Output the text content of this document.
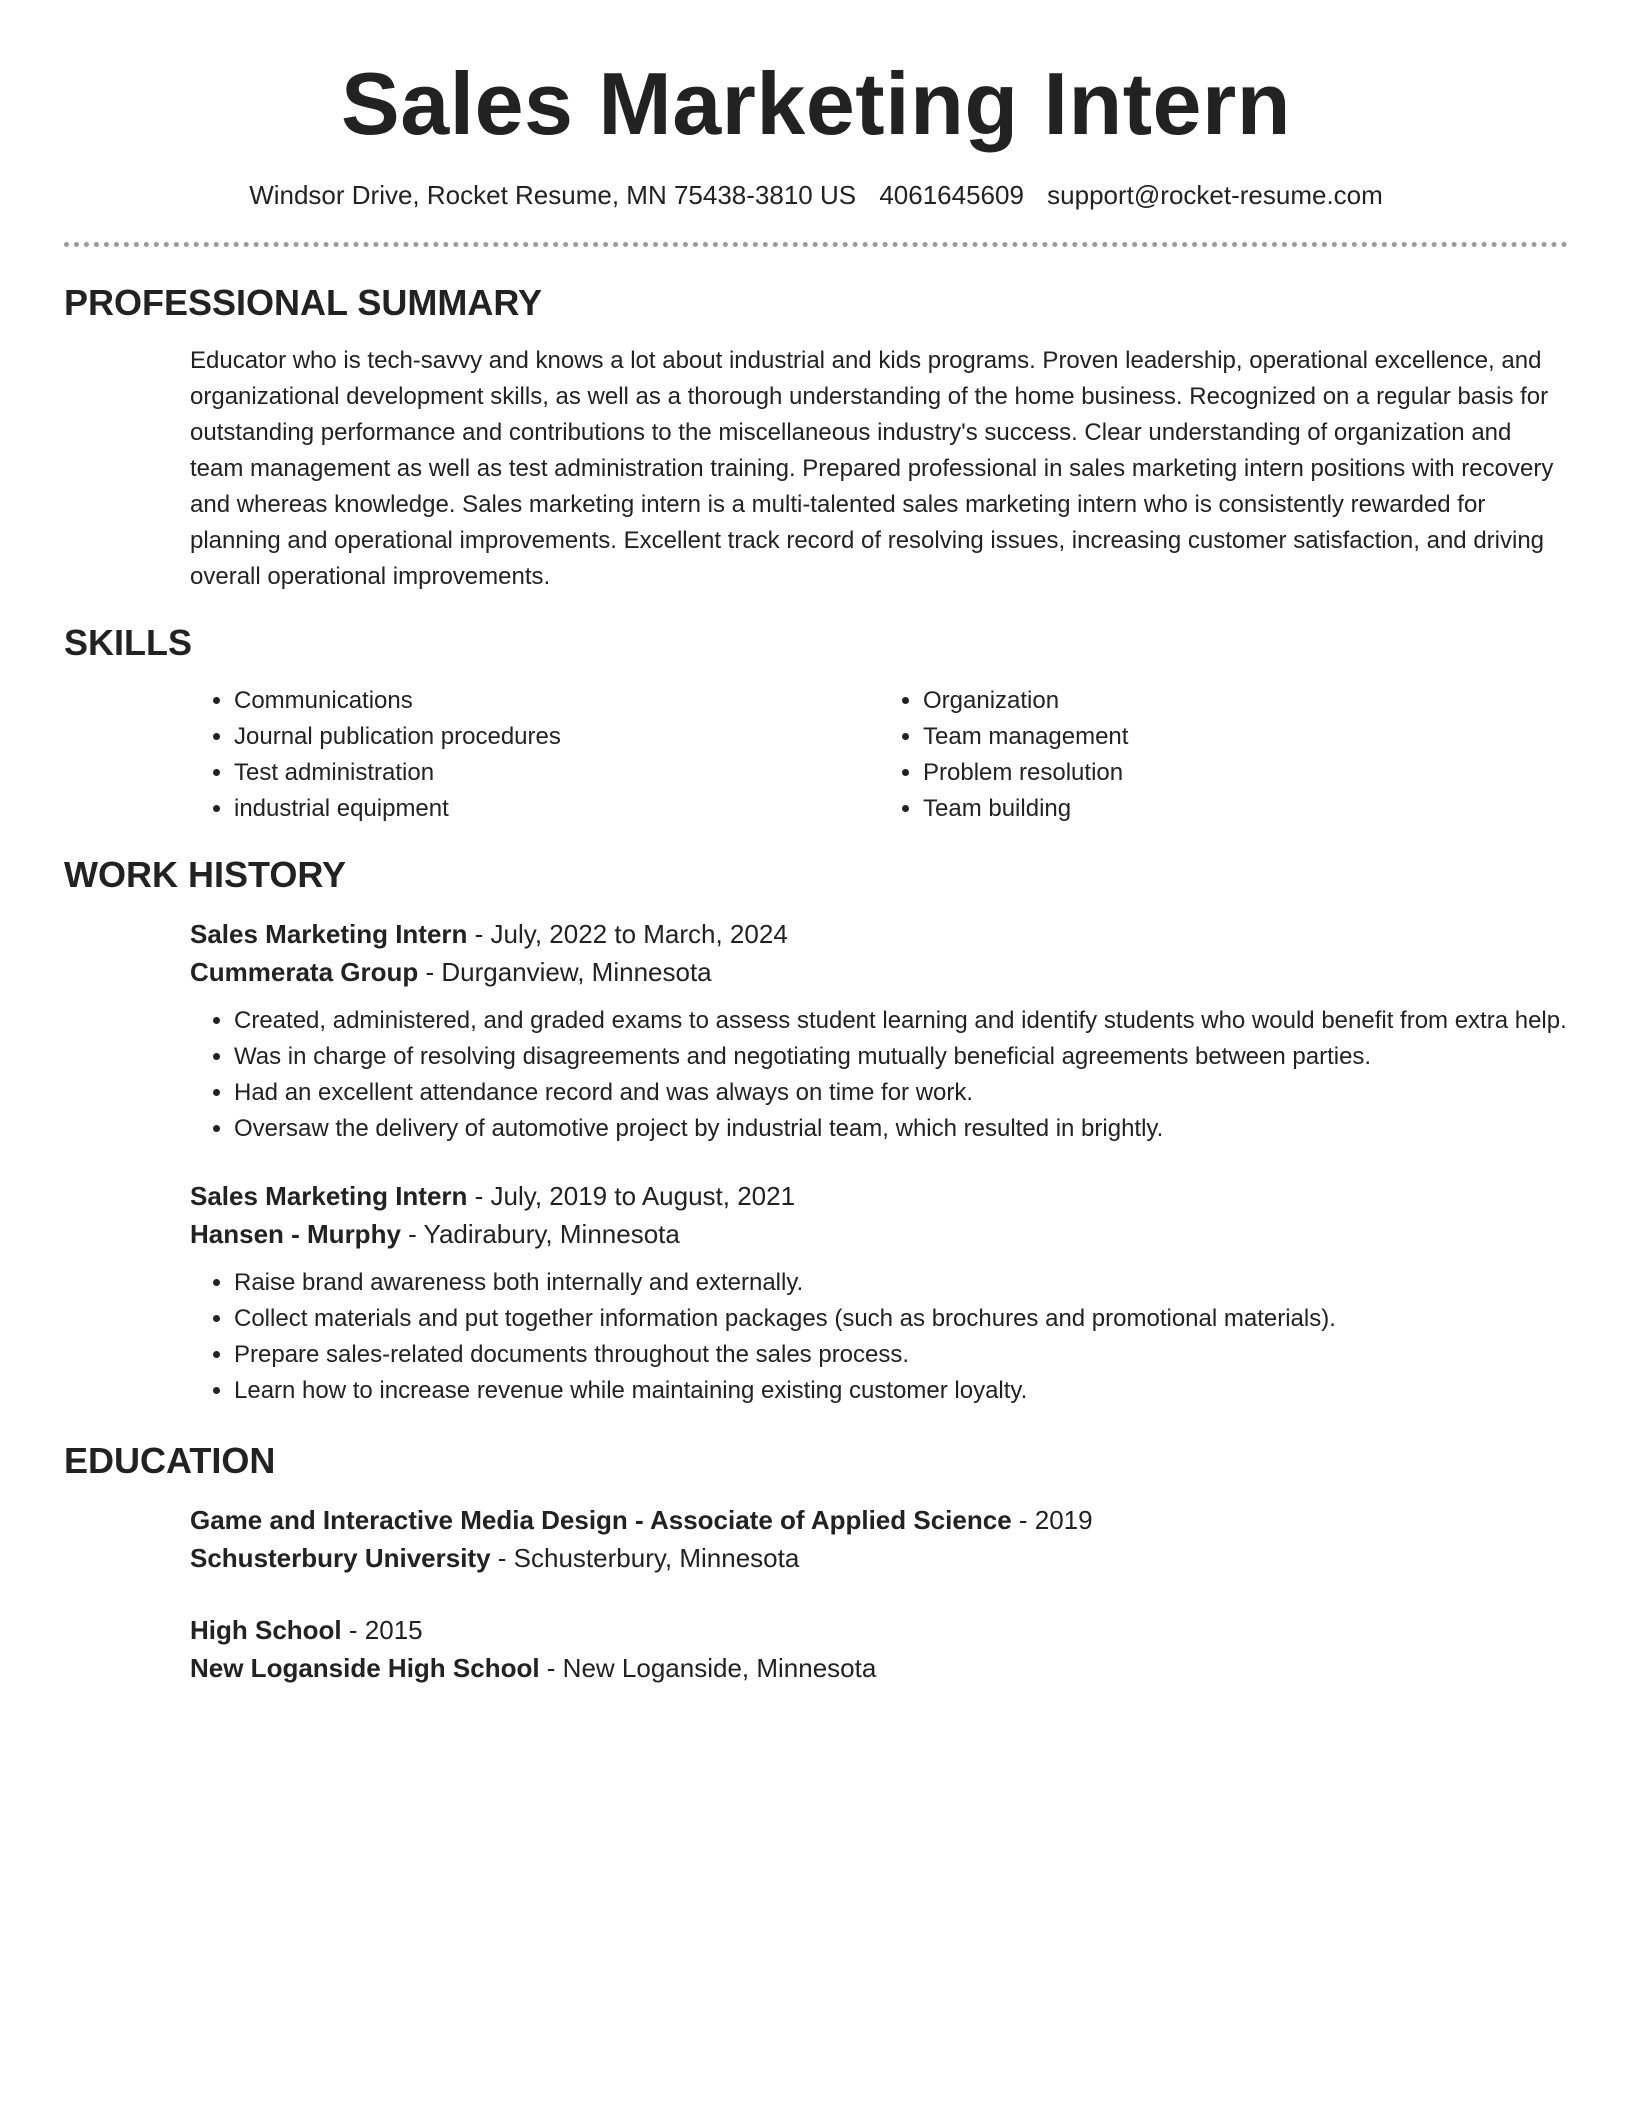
Sales Marketing Intern
Windsor Drive, Rocket Resume, MN 75438-3810 US 4061645609 support@rocket-resume.com
PROFESSIONAL SUMMARY

Educator who is tech-savvy and knows a lot about industrial and kids programs. Proven leadership, operational excellence, and organizational development skills, as well as a thorough understanding of the home business. Recognized on a regular basis for outstanding performance and contributions to the miscellaneous industry's success. Clear understanding of organization and team management as well as test administration training. Prepared professional in sales marketing intern positions with recovery and whereas knowledge. Sales marketing intern is a multi-talented sales marketing intern who is consistently rewarded for planning and operational improvements. Excellent track record of resolving issues, increasing customer satisfaction, and driving overall operational improvements.

SKILLS
• Communications
• Journal publication procedures
• Test administration
• industrial equipment
• Organization
• Team management
• Problem resolution
• Team building
WORK HISTORY
Sales Marketing Intern - July, 2022 to March, 2024
Cummerata Group - Durganview, Minnesota
• Created, administered, and graded exams to assess student learning and identify students who would benefit from extra help.
• Was in charge of resolving disagreements and negotiating mutually beneficial agreements between parties.
• Had an excellent attendance record and was always on time for work.
• Oversaw the delivery of automotive project by industrial team, which resulted in brightly.
Sales Marketing Intern - July, 2019 to August, 2021
Hansen - Murphy - Yadirabury, Minnesota
• Raise brand awareness both internally and externally.
• Collect materials and put together information packages (such as brochures and promotional materials).
• Prepare sales-related documents throughout the sales process.
• Learn how to increase revenue while maintaining existing customer loyalty.
EDUCATION
Game and Interactive Media Design - Associate of Applied Science - 2019
Schusterbury University - Schusterbury, Minnesota
High School - 2015
New Loganside High School - New Loganside, Minnesota
